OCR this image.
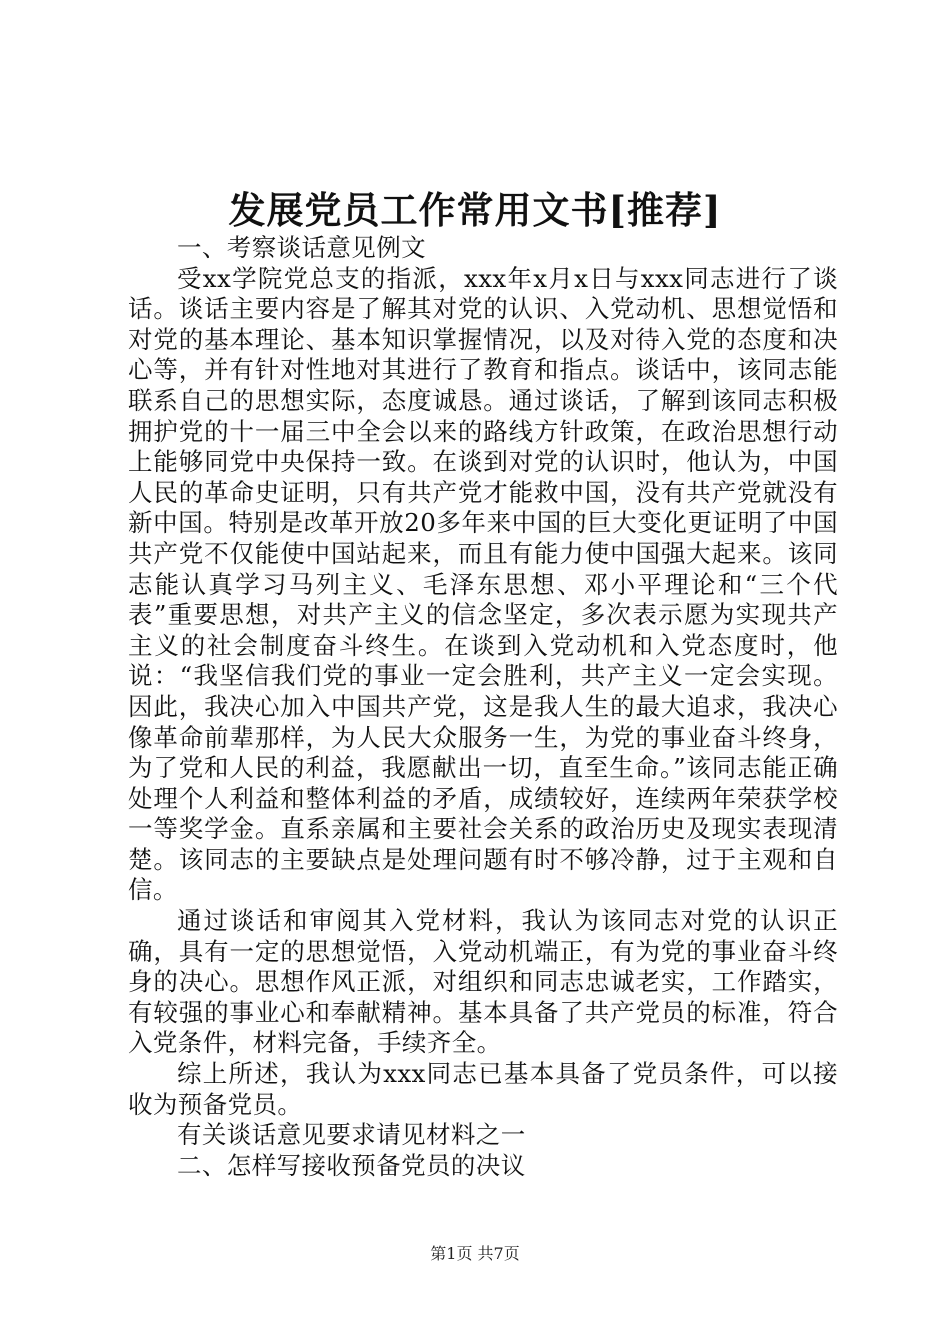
发展党员工作常用文书[推荐]

一、考察谈话意见例文

受xx学院党总支的指派，xxx年x月x日与xxx同志进行了谈话。谈话主要内容是了解其对党的认识、入党动机、思想觉悟和对党的基本理论、基本知识掌握情况，以及对待入党的态度和决心等，并有针对性地对其进行了教育和指点。谈话中，该同志能联系自己的思想实际，态度诚恳。通过谈话，了解到该同志积极拥护党的十一届三中全会以来的路线方针政策，在政治思想行动上能够同党中央保持一致。在谈到对党的认识时，他认为，中国人民的革命史证明，只有共产党才能救中国，没有共产党就没有新中国。特别是改革开放20多年来中国的巨大变化更证明了中国共产党不仅能使中国站起来，而且有能力使中国强大起来。该同志能认真学习马列主义、毛泽东思想、邓小平理论和“三个代表”重要思想，对共产主义的信念坚定，多次表示愿为实现共产主义的社会制度奋斗终生。在谈到入党动机和入党态度时，他说：“我坚信我们党的事业一定会胜利，共产主义一定会实现。因此，我决心加入中国共产党，这是我人生的最大追求，我决心像革命前辈那样，为人民大众服务一生，为党的事业奋斗终身，为了党和人民的利益，我愿献出一切，直至生命。”该同志能正确处理个人利益和整体利益的矛盾，成绩较好，连续两年荣获学校一等奖学金。直系亲属和主要社会关系的政治历史及现实表现清楚。该同志的主要缺点是处理问题有时不够冷静，过于主观和自信。

通过谈话和审阅其入党材料，我认为该同志对党的认识正确，具有一定的思想觉悟，入党动机端正，有为党的事业奋斗终身的决心。思想作风正派，对组织和同志忠诚老实，工作踏实，有较强的事业心和奉献精神。基本具备了共产党员的标准，符合入党条件，材料完备，手续齐全。

综上所述，我认为xxx同志已基本具备了党员条件，可以接收为预备党员。

有关谈话意见要求请见材料之一

二、怎样写接收预备党员的决议

第1页 共7页
